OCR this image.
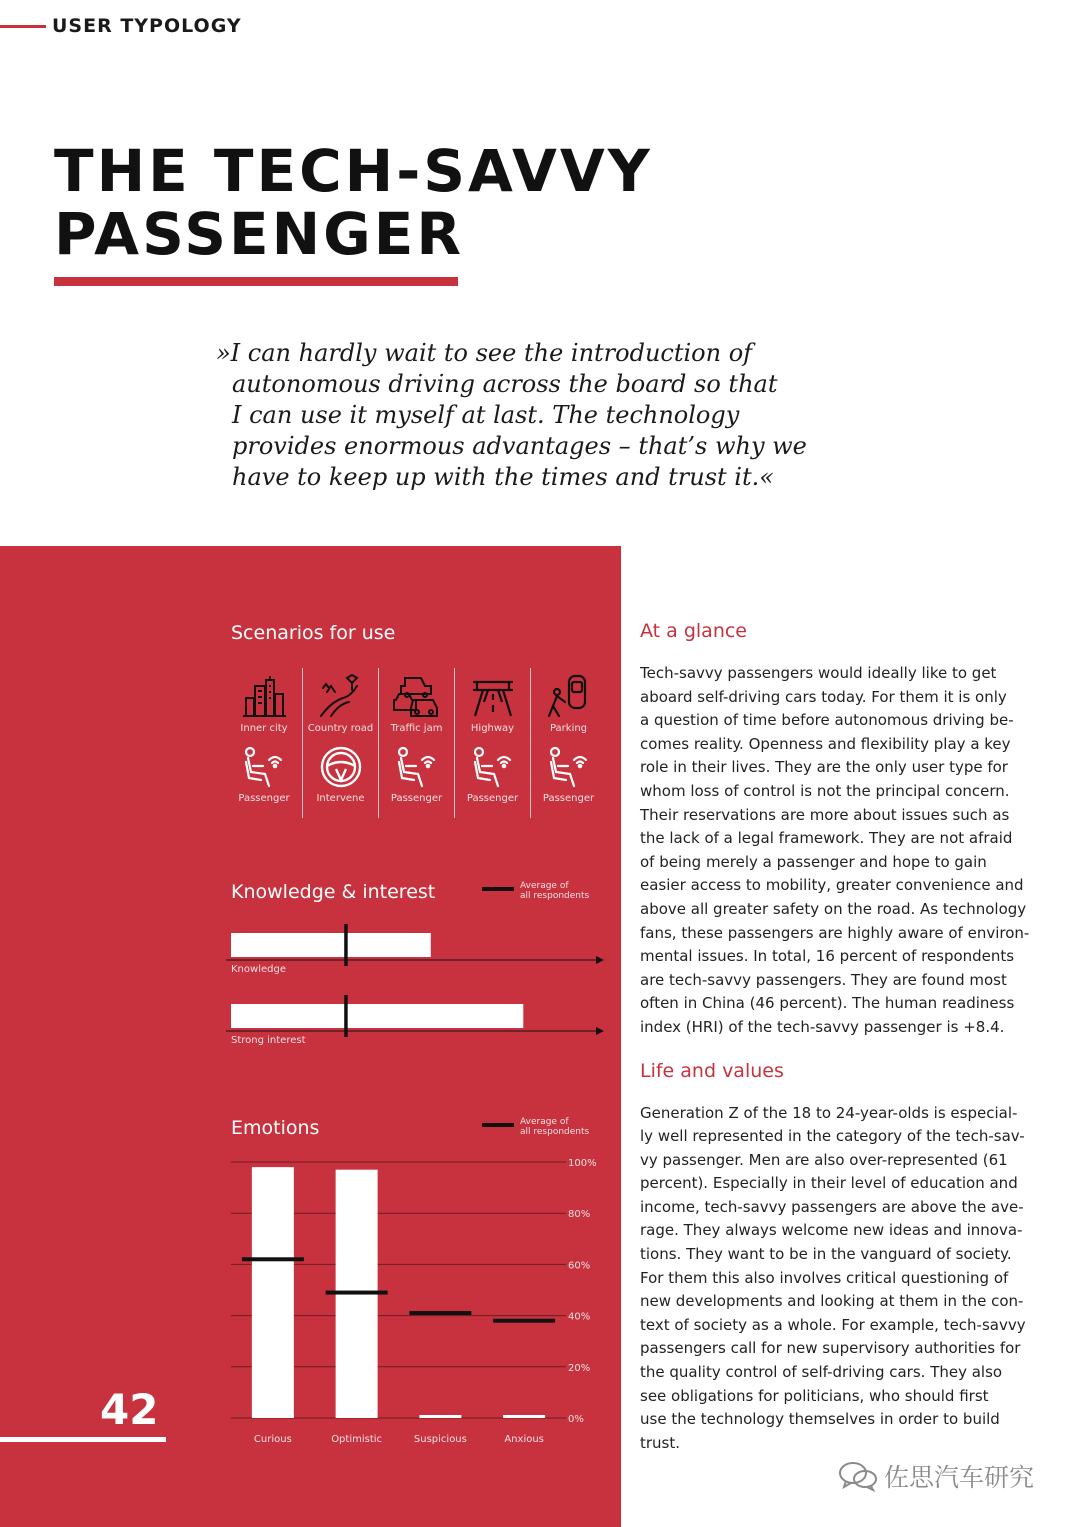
USER TYPOLOGY
THE TECH-SAVVY
PASSENGER
»I can hardly wait to see the introduction of
autonomous driving across the board so that
I can use it myself at last. The technology
provides enormous advantages – that’s why we
have to keep up with the times and trust it.«
Scenarios for use
Inner city
Passenger
Country road
Intervene
Traffic jam
Passenger
Highway
Passenger
Parking
Passenger
Knowledge & interest	Average of
all respondents
Knowledge
Strong interest
Emotions	Average of
all respondents
0%
20%
40%
60%
80%
100%
Curious	Optimistic	Suspicious	Anxious
42
At a glance
Tech-savvy passengers would ideally like to get
aboard self-driving cars today. For them it is only
a question of time before autonomous driving be-
comes reality. Openness and flexibility play a key
role in their lives. They are the only user type for
whom loss of control is not the principal concern.
Their reservations are more about issues such as
the lack of a legal framework. They are not afraid
of being merely a passenger and hope to gain
easier access to mobility, greater convenience and
above all greater safety on the road. As technology
fans, these passengers are highly aware of environ-
mental issues. In total, 16 percent of respondents
are tech-savvy passengers. They are found most
often in China (46 percent). The human readiness
index (HRI) of the tech-savvy passenger is +8.4.
Life and values
Generation Z of the 18 to 24-year-olds is especial-
ly well represented in the category of the tech-sav-
vy passenger. Men are also over-represented (61
percent). Especially in their level of education and
income, tech-savvy passengers are above the ave-
rage. They always welcome new ideas and innova-
tions. They want to be in the vanguard of society.
For them this also involves critical questioning of
new developments and looking at them in the con-
text of society as a whole. For example, tech-savvy
passengers call for new supervisory authorities for
the quality control of self-driving cars. They also
see obligations for politicians, who should first
use the technology themselves in order to build
trust.
佐思汽车研究
